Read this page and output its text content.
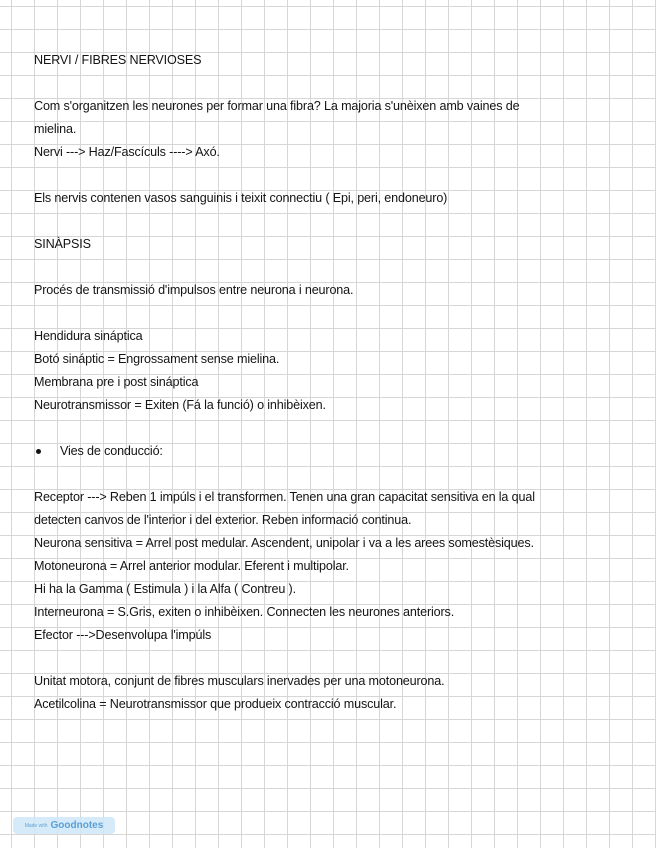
NERVI / FIBRES NERVIOSES
Com s'organitzen les neurones per formar una fibra? La majoria s'unèixen amb vaines de
mielina.
Nervi ---> Haz/Fascículs ----> Axó.
Els nervis contenen vasos sanguinis i teixit connectiu ( Epi, peri, endoneuro)
SINÀPSIS
Procés de transmissió d'impulsos entre neurona i neurona.
Hendidura sináptica
Botó sináptic = Engrossament sense mielina.
Membrana pre i post sináptica
Neurotransmissor = Exiten (Fá la funció) o inhibèixen.
Vies de conducció:
Receptor ---> Reben 1 impúls i el transformen. Tenen una gran capacitat sensitiva en la qual
detecten canvos de l'interior i del exterior. Reben informació continua.
Neurona sensitiva = Arrel post medular. Ascendent, unipolar i va a les arees somestèsiques.
Motoneurona = Arrel anterior modular. Eferent i multipolar.
Hi ha la Gamma ( Estimula ) i la Alfa ( Contreu ).
Interneurona = S.Gris, exiten o inhibèixen. Connecten les neurones anteriors.
Efector --->Desenvolupa l'impúls
Unitat motora, conjunt de fibres musculars inervades per una motoneurona.
Acetilcolina = Neurotransmissor que produeix contracció muscular.
Made with Goodnotes
